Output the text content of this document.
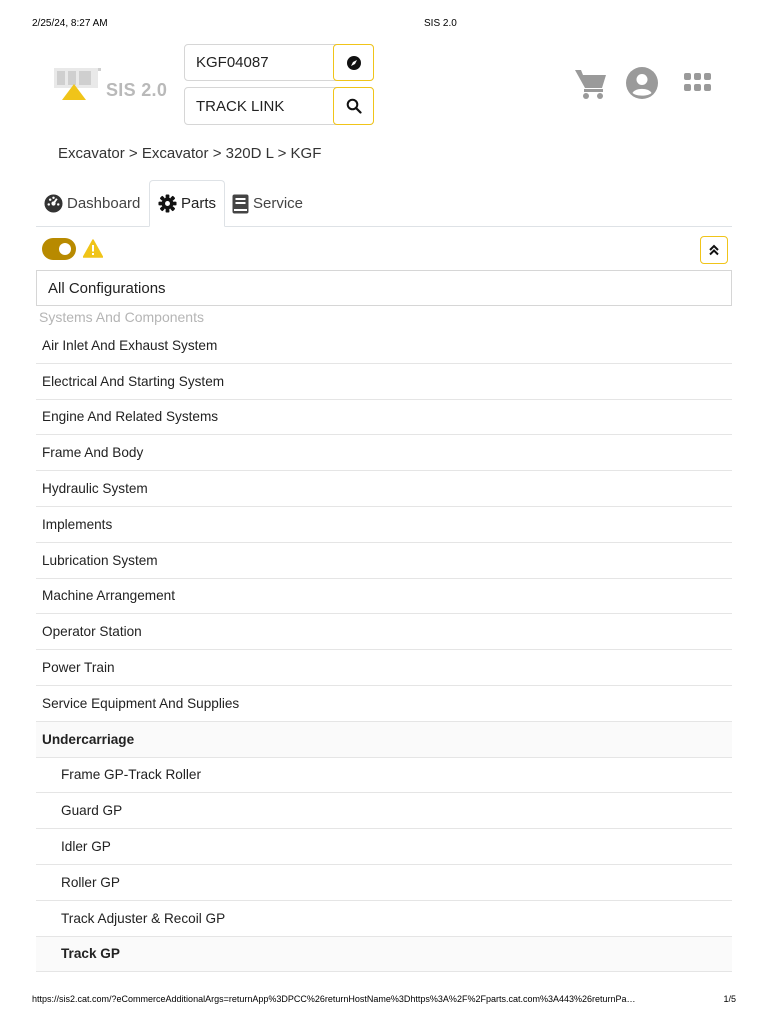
2/25/24, 8:27 AM	SIS 2.0
SIS 2.0
KGF04087
TRACK LINK
Excavator > Excavator > 320D L > KGF
Dashboard	Parts Service
All Configurations
Systems And Components
Air Inlet And Exhaust System
Electrical And Starting System
Engine And Related Systems
Frame And Body
Hydraulic System
Implements
Lubrication System
Machine Arrangement
Operator Station
Power Train
Service Equipment And Supplies
Undercarriage
Frame GP-Track Roller
Guard GP
Idler GP
Roller GP
Track Adjuster & Recoil GP
Track GP
https://sis2.cat.com/?eCommerceAdditionalArgs=returnApp%3DPCC%26returnHostName%3Dhttps%3A%2F%2Fparts.cat.com%3A443%26returnPa…	1/5
